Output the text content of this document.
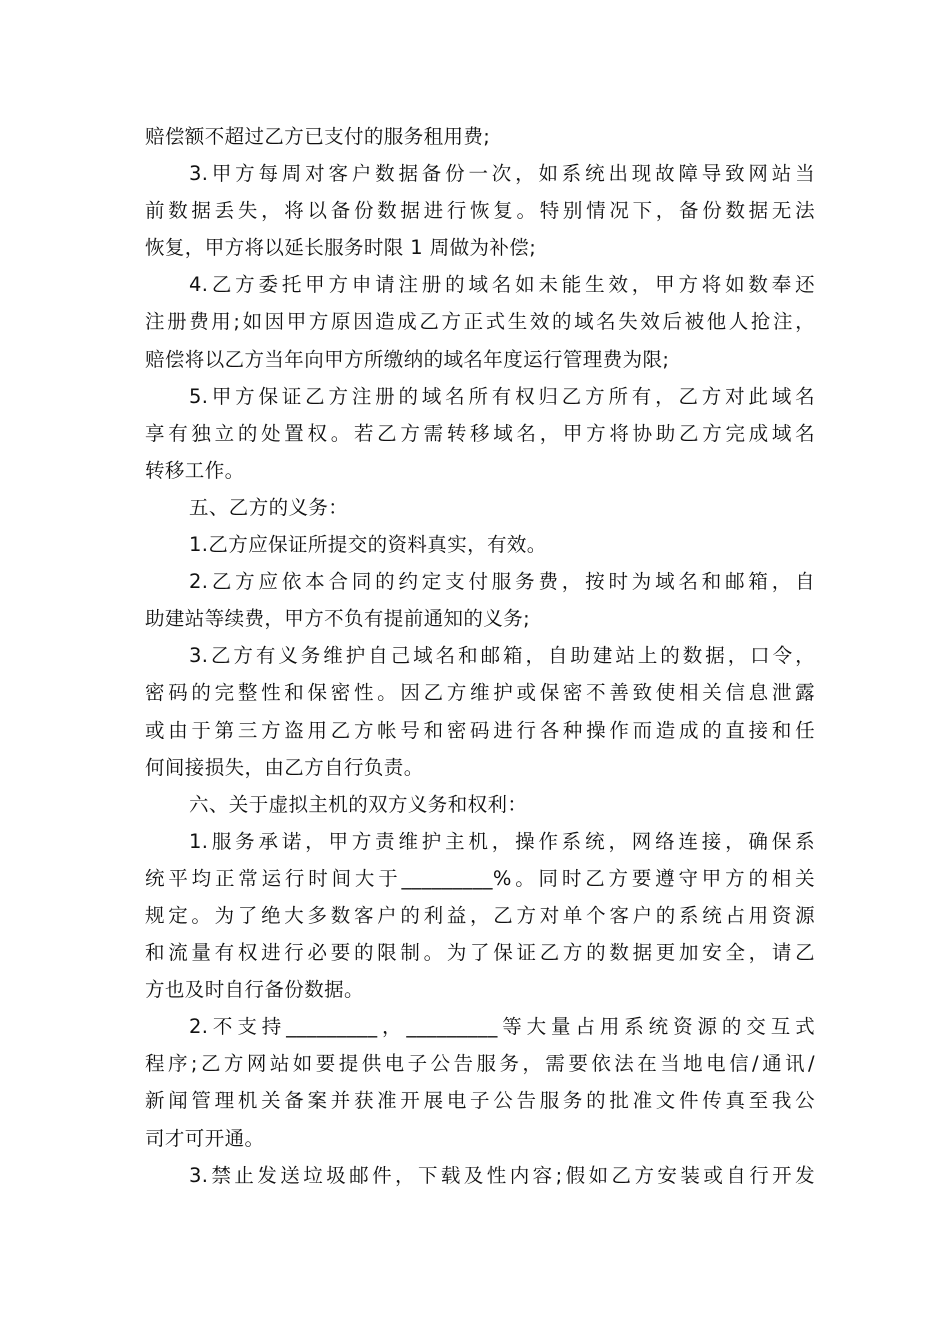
赔偿额不超过乙方已支付的服务租用费;
3.甲方每周对客户数据备份一次，如系统出现故障导致网站当
前数据丢失，将以备份数据进行恢复。特别情况下，备份数据无法
恢复，甲方将以延长服务时限 1 周做为补偿;
4.乙方委托甲方申请注册的域名如未能生效，甲方将如数奉还
注册费用;如因甲方原因造成乙方正式生效的域名失效后被他人抢注，
赔偿将以乙方当年向甲方所缴纳的域名年度运行管理费为限;
5.甲方保证乙方注册的域名所有权归乙方所有，乙方对此域名
享有独立的处置权。若乙方需转移域名，甲方将协助乙方完成域名
转移工作。
五、乙方的义务：
1.乙方应保证所提交的资料真实，有效。
2.乙方应依本合同的约定支付服务费，按时为域名和邮箱，自
助建站等续费，甲方不负有提前通知的义务;
3.乙方有义务维护自己域名和邮箱，自助建站上的数据，口令，
密码的完整性和保密性。因乙方维护或保密不善致使相关信息泄露
或由于第三方盗用乙方帐号和密码进行各种操作而造成的直接和任
何间接损失，由乙方自行负责。
六、关于虚拟主机的双方义务和权利：
1.服务承诺，甲方责维护主机，操作系统，网络连接，确保系
统平均正常运行时间大于_________%。同时乙方要遵守甲方的相关
规定。为了绝大多数客户的利益，乙方对单个客户的系统占用资源
和流量有权进行必要的限制。为了保证乙方的数据更加安全，请乙
方也及时自行备份数据。
2.不支持_________，_________等大量占用系统资源的交互式
程序;乙方网站如要提供电子公告服务，需要依法在当地电信/通讯/
新闻管理机关备案并获准开展电子公告服务的批准文件传真至我公
司才可开通。
3.禁止发送垃圾邮件，下载及性内容;假如乙方安装或自行开发
